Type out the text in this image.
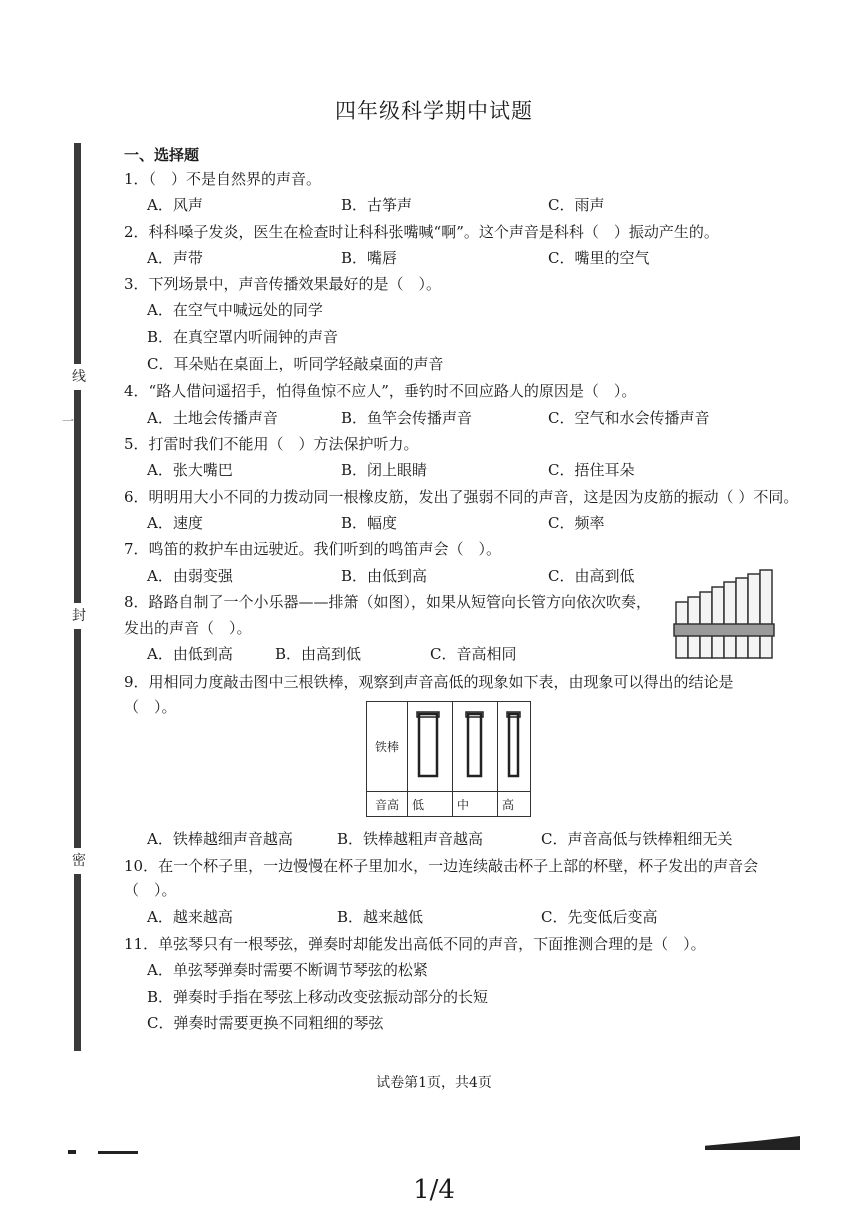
线
封
密
一
四年级科学期中试题
一、选择题
1．（　）不是自然界的声音。
A．风声	B．古筝声	C．雨声
2．科科嗓子发炎，医生在检查时让科科张嘴喊“啊”。这个声音是科科（　）振动产生的。
A．声带	B．嘴唇	C．嘴里的空气
3．下列场景中，声音传播效果最好的是（　）。
A．在空气中喊远处的同学
B．在真空罩内听闹钟的声音
C．耳朵贴在桌面上，听同学轻敲桌面的声音
4．“路人借问遥招手，怕得鱼惊不应人”，垂钓时不回应路人的原因是（　）。
A．土地会传播声音	B．鱼竿会传播声音	C．空气和水会传播声音
5．打雷时我们不能用（　）方法保护听力。
A．张大嘴巴	B．闭上眼睛	C．捂住耳朵
6．明明用大小不同的力拨动同一根橡皮筋，发出了强弱不同的声音，这是因为皮筋的振动（ ）不同。
A．速度	B．幅度	C．频率
7．鸣笛的救护车由远驶近。我们听到的鸣笛声会（　）。
A．由弱变强	B．由低到高	C．由高到低
8．路路自制了一个小乐器——排箫（如图），如果从短管向长管方向依次吹奏，
发出的声音（　）。
A．由低到高	B．由高到低	C．音高相同
9．用相同力度敲击图中三根铁棒，观察到声音高低的现象如下表，由现象可以得出的结论是
（　）。
铁棒			
音高	低	中	高
A．铁棒越细声音越高	B．铁棒越粗声音越高	C．声音高低与铁棒粗细无关
10．在一个杯子里，一边慢慢在杯子里加水，一边连续敲击杯子上部的杯壁，杯子发出的声音会
（　）。
A．越来越高	B．越来越低	C．先变低后变高
11．单弦琴只有一根琴弦，弹奏时却能发出高低不同的声音，下面推测合理的是（　）。
A．单弦琴弹奏时需要不断调节琴弦的松紧
B．弹奏时手指在琴弦上移动改变弦振动部分的长短
C．弹奏时需要更换不同粗细的琴弦
试卷第1页，共4页
1/4
